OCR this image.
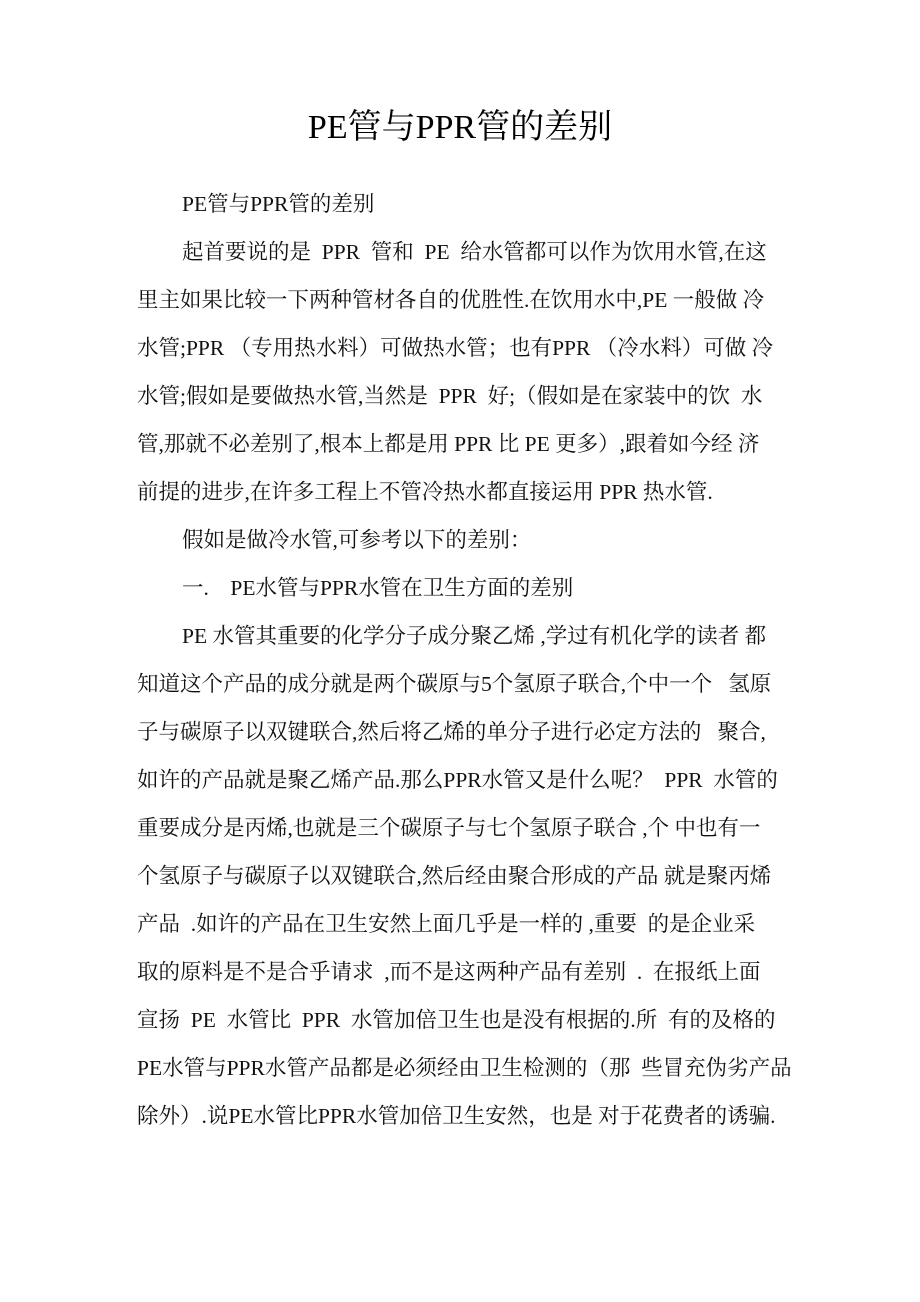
PE管与PPR管的差别
PE管与PPR管的差别
起首要说的是  PPR  管和  PE  给水管都可以作为饮用水管,在这
里主如果比较一下两种管材各自的优胜性.在饮用水中,PE 一般做 冷
水管;PPR （专用热水料）可做热水管；也有PPR （冷水料）可做 冷
水管;假如是要做热水管,当然是  PPR  好;（假如是在家装中的饮  水
管,那就不必差别了,根本上都是用 PPR 比 PE 更多）,跟着如今经 济
前提的进步,在许多工程上不管冷热水都直接运用 PPR 热水管.
假如是做冷水管,可参考以下的差别：
一.    PE水管与PPR水管在卫生方面的差别
PE 水管其重要的化学分子成分聚乙烯 ,学过有机化学的读者 都
知道这个产品的成分就是两个碳原与5个氢原子联合,个中一个   氢原
子与碳原子以双键联合,然后将乙烯的单分子进行必定方法的   聚合,
如许的产品就是聚乙烯产品.那么PPR水管又是什么呢？  PPR  水管的
重要成分是丙烯,也就是三个碳原子与七个氢原子联合 ,个 中也有一
个氢原子与碳原子以双键联合,然后经由聚合形成的产品 就是聚丙烯
产品  .如许的产品在卫生安然上面几乎是一样的 ,重要  的是企业采
取的原料是不是合乎请求  ,而不是这两种产品有差别  .  在报纸上面
宣扬  PE  水管比  PPR  水管加倍卫生也是没有根据的.所  有的及格的
PE水管与PPR水管产品都是必须经由卫生检测的（那  些冒充伪劣产品
除外）.说PE水管比PPR水管加倍卫生安然，也是 对于花费者的诱骗.
